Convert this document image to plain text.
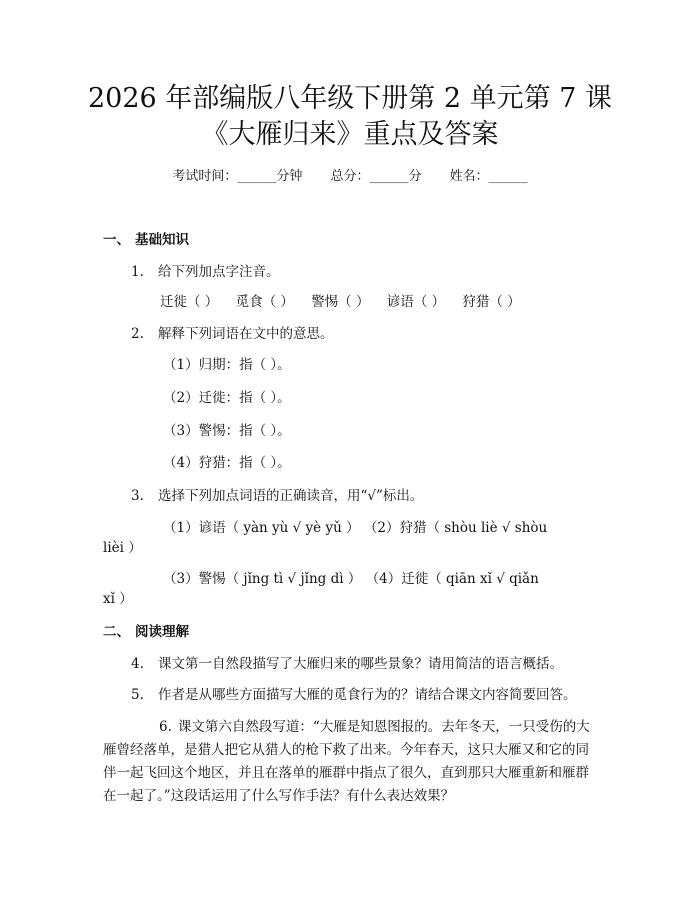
2026 年部编版八年级下册第 2 单元第 7 课
《大雁归来》重点及答案
考试时间：______分钟 总分：______分 姓名：______
一、 基础知识
1. 给下列加点字注音。
迁徙（ ） 觅食（ ） 警惕（ ） 谚语（ ） 狩猎（ ）
2. 解释下列词语在文中的意思。
（1）归期：指（ ）。
（2）迁徙：指（ ）。
（3）警惕：指（ ）。
（4）狩猎：指（ ）。
3. 选择下列加点词语的正确读音，用“√”标出。
（1）谚语（ yàn yù √ yè yǔ ） （2）狩猎（ shòu liè √ shòu
lièi ）
（3）警惕（ jǐng tì √ jǐng dì ） （4）迁徙（ qiān xǐ √ qiǎn
xǐ ）
二、 阅读理解
4. 课文第一自然段描写了大雁归来的哪些景象？请用简洁的语言概括。
5. 作者是从哪些方面描写大雁的觅食行为的？请结合课文内容简要回答。
6. 课文第六自然段写道：“大雁是知恩图报的。去年冬天，一只受伤的大雁曾经落单，是猎人把它从猎人的枪下救了出来。今年春天，这只大雁又和它的同伴一起飞回这个地区，并且在落单的雁群中指点了很久，直到那只大雁重新和雁群在一起了。”这段话运用了什么写作手法？有什么表达效果？
